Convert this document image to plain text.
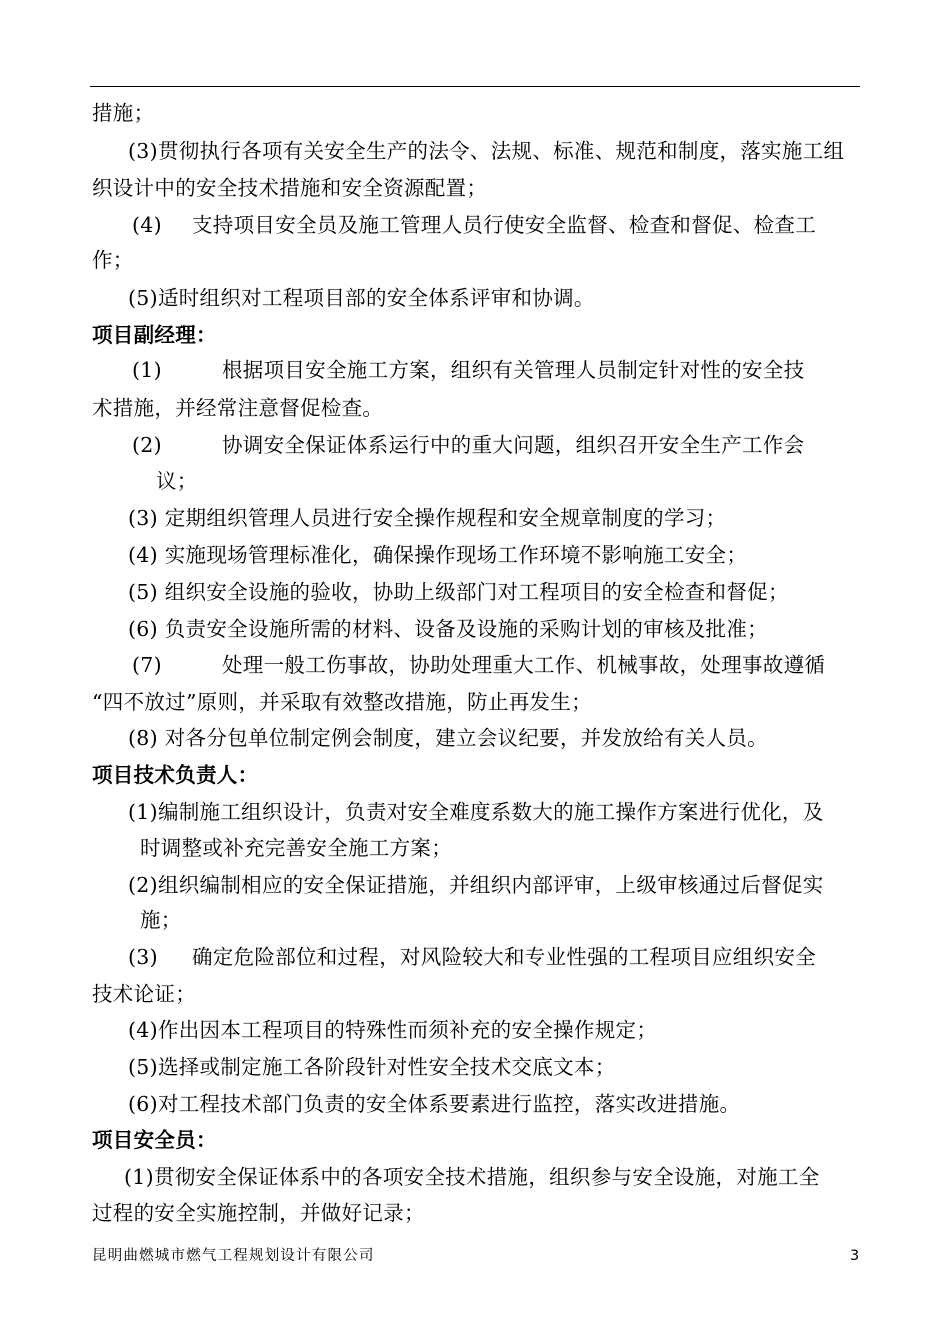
措施；
(3)贯彻执行各项有关安全生产的法令、法规、标准、规范和制度，落实施工组
织设计中的安全技术措施和安全资源配置；
(4) 支持项目安全员及施工管理人员行使安全监督、检查和督促、检查工
作；
(5)适时组织对工程项目部的安全体系评审和协调。
项目副经理：
(1)	根据项目安全施工方案，组织有关管理人员制定针对性的安全技
术措施，并经常注意督促检查。
(2)	协调安全保证体系运行中的重大问题，组织召开安全生产工作会
议；
(3) 定期组织管理人员进行安全操作规程和安全规章制度的学习；
(4) 实施现场管理标准化，确保操作现场工作环境不影响施工安全；
(5) 组织安全设施的验收，协助上级部门对工程项目的安全检查和督促；
(6) 负责安全设施所需的材料、设备及设施的采购计划的审核及批准；
(7)	处理一般工伤事故，协助处理重大工作、机械事故，处理事故遵循
“四不放过”原则，并采取有效整改措施，防止再发生；
(8) 对各分包单位制定例会制度，建立会议纪要，并发放给有关人员。
项目技术负责人：
(1)编制施工组织设计，负责对安全难度系数大的施工操作方案进行优化，及
时调整或补充完善安全施工方案；
(2)组织编制相应的安全保证措施，并组织内部评审，上级审核通过后督促实
施；
(3) 确定危险部位和过程，对风险较大和专业性强的工程项目应组织安全
技术论证；
(4)作出因本工程项目的特殊性而须补充的安全操作规定；
(5)选择或制定施工各阶段针对性安全技术交底文本；
(6)对工程技术部门负责的安全体系要素进行监控，落实改进措施。
项目安全员：
(1)贯彻安全保证体系中的各项安全技术措施，组织参与安全设施，对施工全
过程的安全实施控制，并做好记录；
昆明曲燃城市燃气工程规划设计有限公司	3
